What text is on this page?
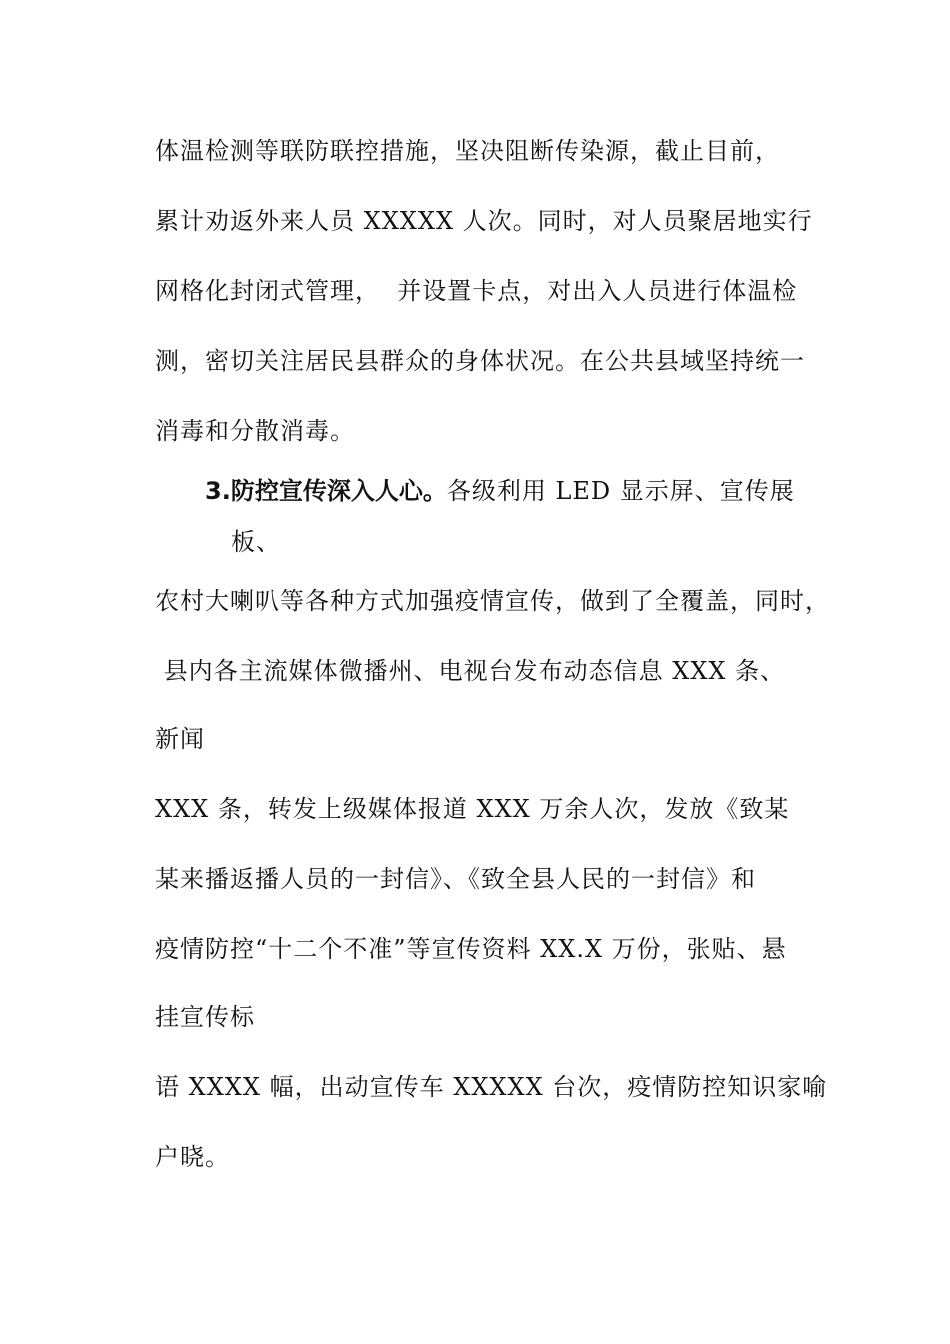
体温检测等联防联控措施，坚决阻断传染源，截止目前，
累计劝返外来人员 XXXXX 人次。同时，对人员聚居地实行
网格化封闭式管理，  并设置卡点，对出入人员进行体温检
测，密切关注居民县群众的身体状况。在公共县域坚持统一
消毒和分散消毒。
3.防控宣传深入人心。各级利用 LED 显示屏、宣传展
板、
农村大喇叭等各种方式加强疫情宣传，做到了全覆盖，同时，
县内各主流媒体微播州、电视台发布动态信息 XXX 条、
新闻
XXX 条，转发上级媒体报道 XXX 万余人次，发放《致某
某来播返播人员的一封信》、《致全县人民的一封信》和
疫情防控“十二个不准”等宣传资料 XX.X 万份，张贴、悬
挂宣传标
语 XXXX 幅，出动宣传车 XXXXX 台次，疫情防控知识家喻
户晓。
